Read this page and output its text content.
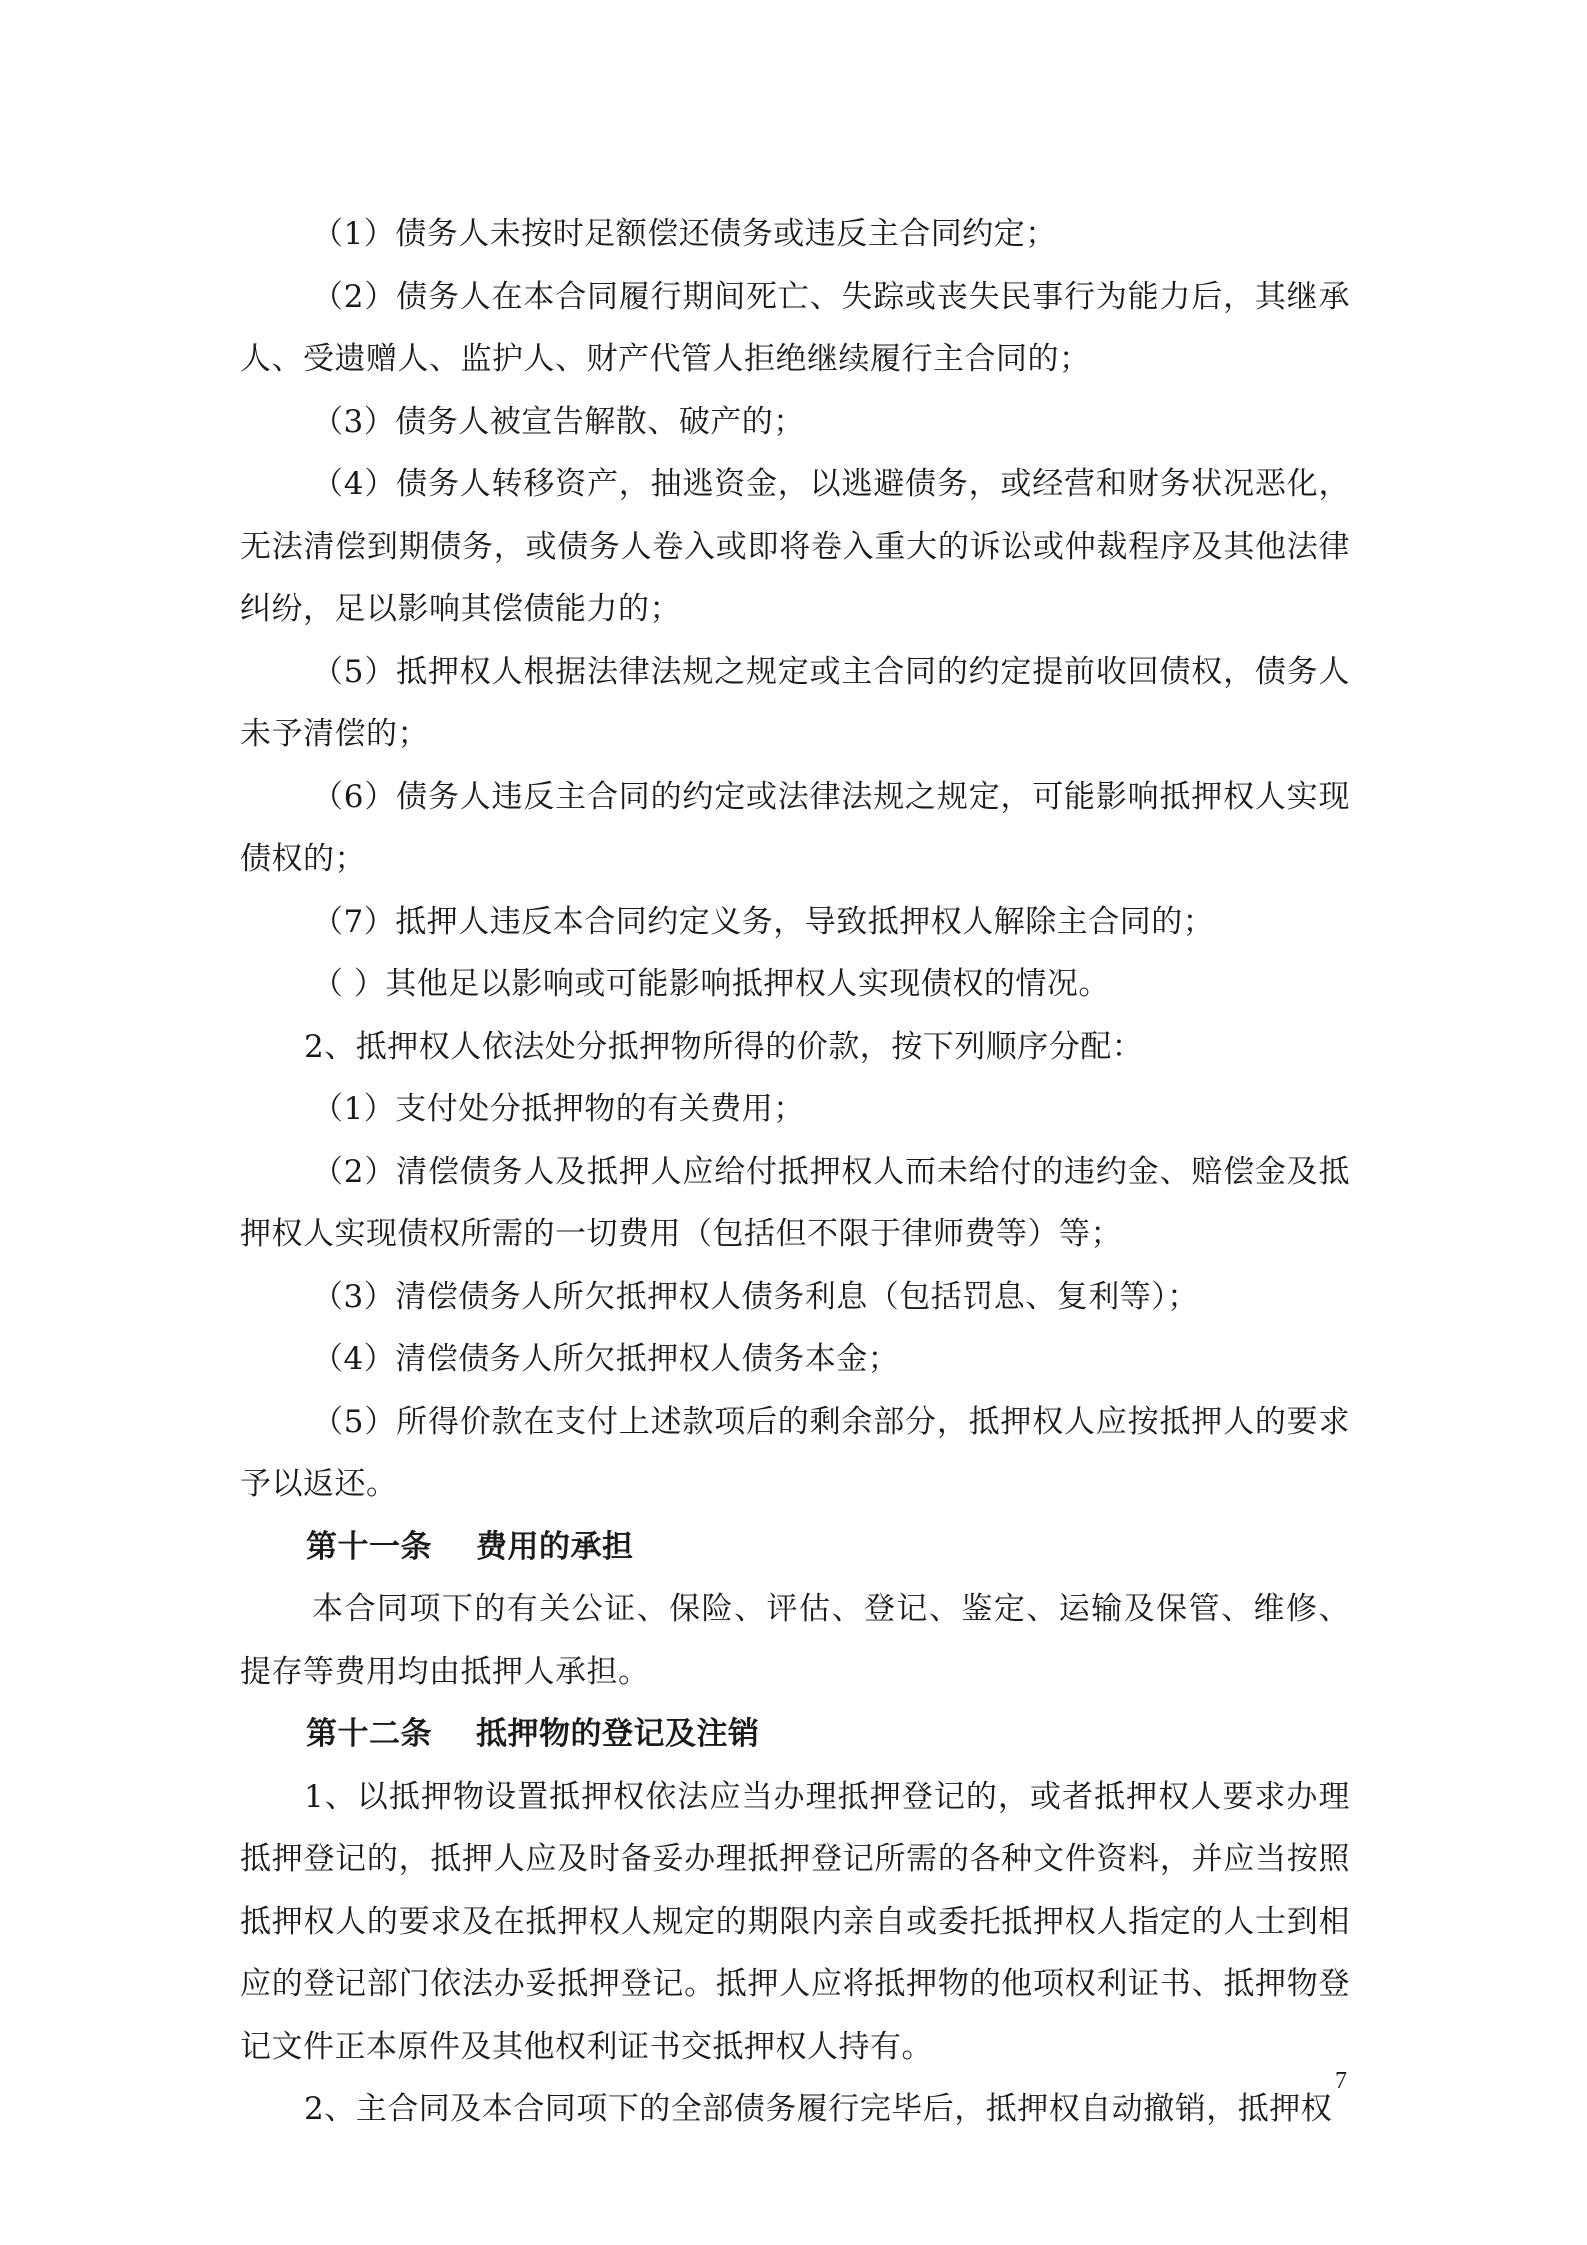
（1）债务人未按时足额偿还债务或违反主合同约定；

（2）债务人在本合同履行期间死亡、失踪或丧失民事行为能力后，其继承人、受遗赠人、监护人、财产代管人拒绝继续履行主合同的；

（3）债务人被宣告解散、破产的；

（4）债务人转移资产，抽逃资金，以逃避债务，或经营和财务状况恶化，无法清偿到期债务，或债务人卷入或即将卷入重大的诉讼或仲裁程序及其他法律纠纷，足以影响其偿债能力的；

（5）抵押权人根据法律法规之规定或主合同的约定提前收回债权，债务人未予清偿的；

（6）债务人违反主合同的约定或法律法规之规定，可能影响抵押权人实现债权的；

（7）抵押人违反本合同约定义务，导致抵押权人解除主合同的；

（ ）其他足以影响或可能影响抵押权人实现债权的情况。

2、抵押权人依法处分抵押物所得的价款，按下列顺序分配：

（1）支付处分抵押物的有关费用；

（2）清偿债务人及抵押人应给付抵押权人而未给付的违约金、赔偿金及抵押权人实现债权所需的一切费用（包括但不限于律师费等）等；

（3）清偿债务人所欠抵押权人债务利息（包括罚息、复利等）；

（4）清偿债务人所欠抵押权人债务本金；

（5）所得价款在支付上述款项后的剩余部分，抵押权人应按抵押人的要求予以返还。

第十一条 费用的承担

本合同项下的有关公证、保险、评估、登记、鉴定、运输及保管、维修、提存等费用均由抵押人承担。

第十二条 抵押物的登记及注销

1、以抵押物设置抵押权依法应当办理抵押登记的，或者抵押权人要求办理抵押登记的，抵押人应及时备妥办理抵押登记所需的各种文件资料，并应当按照抵押权人的要求及在抵押权人规定的期限内亲自或委托抵押权人指定的人士到相应的登记部门依法办妥抵押登记。抵押人应将抵押物的他项权利证书、抵押物登记文件正本原件及其他权利证书交抵押权人持有。

2、主合同及本合同项下的全部债务履行完毕后，抵押权自动撤销，抵押权

7
